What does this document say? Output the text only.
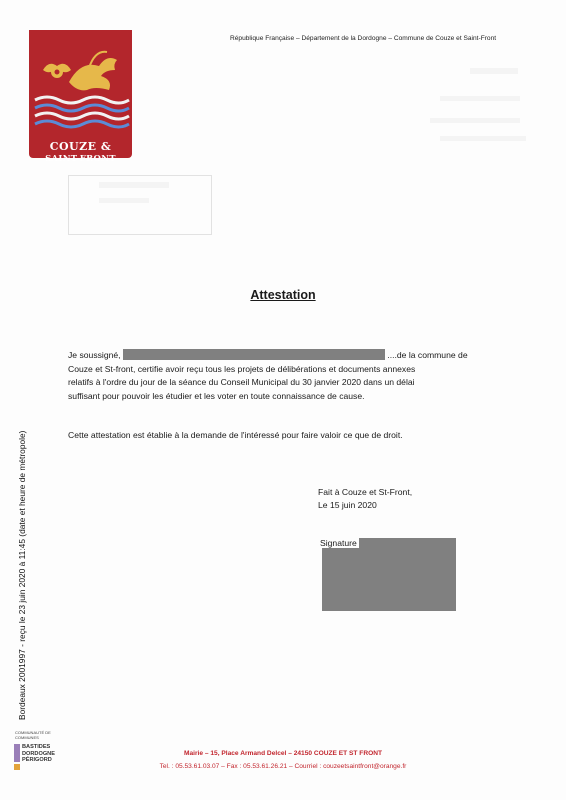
COUZE &
SAINT-FRONT
République Française – Département de la Dordogne – Commune de Couze et Saint-Front
Attestation
Je soussigné,	....de la commune de
Couze et St-front, certifie avoir reçu tous les projets de délibérations et documents annexes
relatifs à l'ordre du jour de la séance du Conseil Municipal du 30 janvier 2020 dans un délai
suffisant pour pouvoir les étudier et les voter en toute connaissance de cause.
Cette attestation est établie à la demande de l'intéressé pour faire valoir ce que de droit.
Fait à Couze et St-Front,
Le 15 juin 2020
Signature
Bordeaux 2001997 - reçu le 23 juin 2020 à 11:45 (date et heure de métropole)
COMMUNAUTÉ DE COMMUNES
BASTIDES
DORDOGNE
PÉRIGORD
Mairie – 15, Place Armand Delcel – 24150 COUZE ET ST FRONT
Tel. : 05.53.61.03.07 – Fax : 05.53.61.26.21 – Courriel : couzeetsaintfront@orange.fr
